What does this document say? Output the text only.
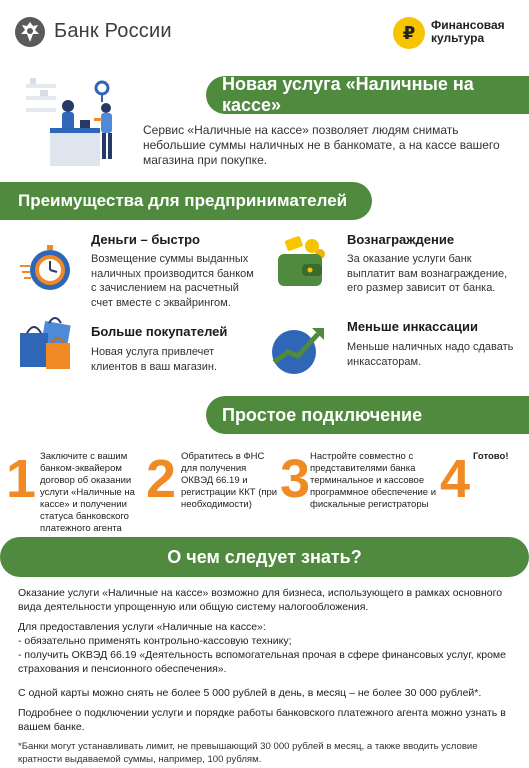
Банк России	₽ Финансовая
культура
Новая услуга «Наличные на кассе»
Сервис «Наличные на кассе» позволяет людям снимать небольшие суммы наличных не в банкомате, а на кассе вашего магазина при покупке.
Преимущества для предпринимателей
Деньги – быстро
Возмещение суммы выданных наличных производится банком с зачислением на расчетный счет вместе с эквайрингом.
Вознаграждение
За оказание услуги банк выплатит вам вознаграждение, его размер зависит от банка.
Больше покупателей
Новая услуга привлечет клиентов в ваш магазин.
Меньше инкассации
Меньше наличных надо сдавать инкассаторам.
Простое подключение
1 Заключите с вашим банком-эквайером договор об оказании услуги «Наличные на кассе» и получении статуса банковского платежного агента
2 Обратитесь в ФНС для получения ОКВЭД 66.19 и регистрации ККТ (при необходимости) 3 Настройте совместно с представителями банка терминальное и кассовое программное обеспечение и фискальные регистраторы 4 Готово!
О чем следует знать?
Оказание услуги «Наличные на кассе» возможно для бизнеса, использующего в рамках основного вида деятельности упрощенную или общую систему налогообложения.
Для предоставления услуги «Наличные на кассе»:
- обязательно применять контрольно-кассовую технику;
- получить ОКВЭД 66.19 «Деятельность вспомогательная прочая в сфере финансовых услуг, кроме страхования и пенсионного обеспечения».
С одной карты можно снять не более 5 000 рублей в день, в месяц – не более 30 000 рублей*.
Подробнее о подключении услуги и порядке работы банковского платежного агента можно узнать в вашем банке.
*Банки могут устанавливать лимит, не превышающий 30 000 рублей в месяц, а также вводить условие кратности выдаваемой суммы, например, 100 рублям.
